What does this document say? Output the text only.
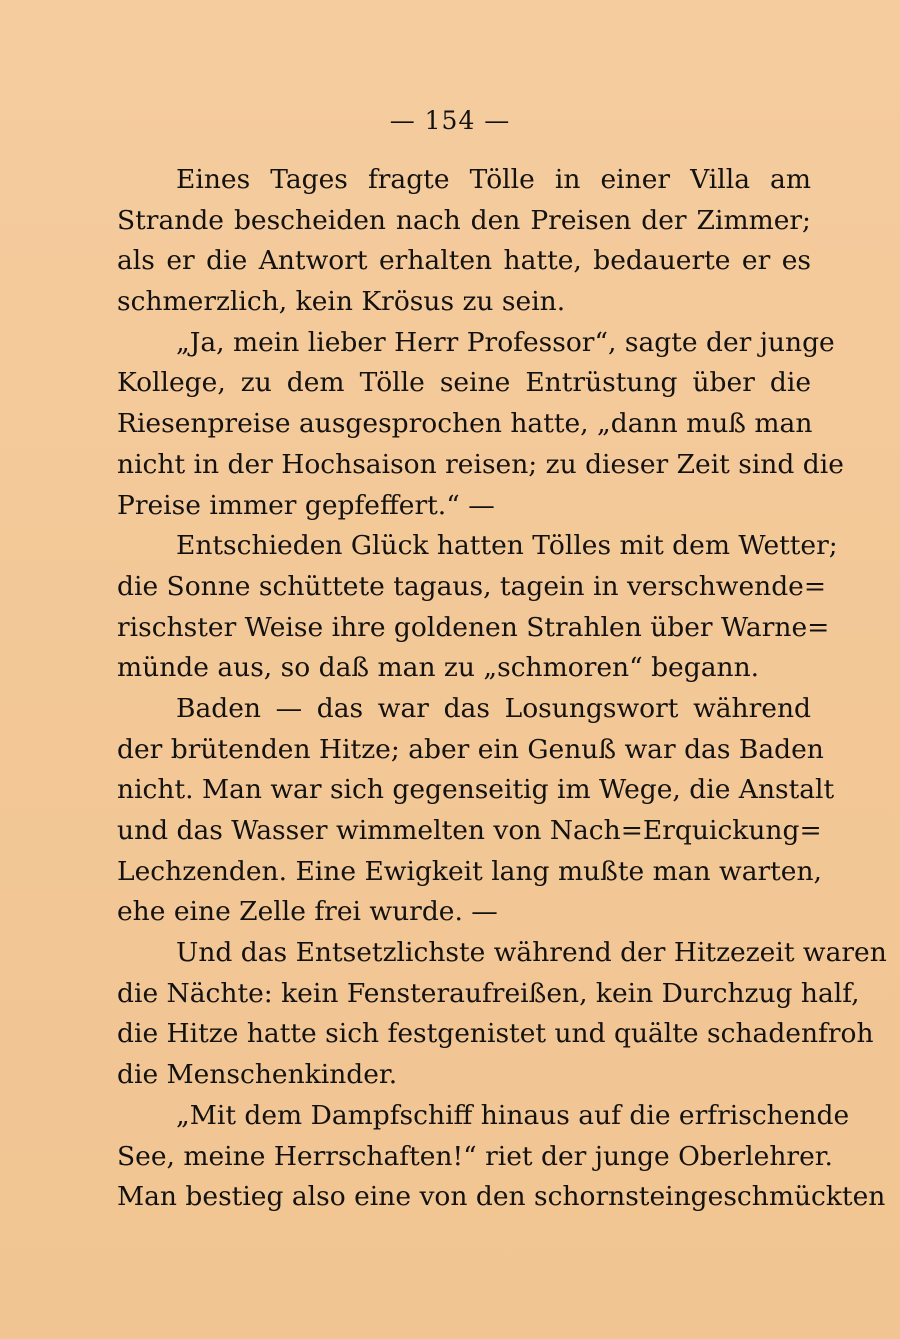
— 154 —
Eines Tages fragte Tölle in einer Villa am
Strande bescheiden nach den Preisen der Zimmer;
als er die Antwort erhalten hatte, bedauerte er es
schmerzlich, kein Krösus zu sein.
„Ja, mein lieber Herr Professor“, sagte der junge
Kollege, zu dem Tölle seine Entrüstung über die
Riesenpreise ausgesprochen hatte, „dann muß man
nicht in der Hochsaison reisen; zu dieser Zeit sind die
Preise immer gepfeffert.“ —
Entschieden Glück hatten Tölles mit dem Wetter;
die Sonne schüttete tagaus, tagein in verschwende=
rischster Weise ihre goldenen Strahlen über Warne=
münde aus, so daß man zu „schmoren“ begann.
Baden — das war das Losungswort während
der brütenden Hitze; aber ein Genuß war das Baden
nicht. Man war sich gegenseitig im Wege, die Anstalt
und das Wasser wimmelten von Nach=Erquickung=
Lechzenden. Eine Ewigkeit lang mußte man warten,
ehe eine Zelle frei wurde. —
Und das Entsetzlichste während der Hitzezeit waren
die Nächte: kein Fensteraufreißen, kein Durchzug half,
die Hitze hatte sich festgenistet und quälte schadenfroh
die Menschenkinder.
„Mit dem Dampfschiff hinaus auf die erfrischende
See, meine Herrschaften!“ riet der junge Oberlehrer.
Man bestieg also eine von den schornsteingeschmückten
